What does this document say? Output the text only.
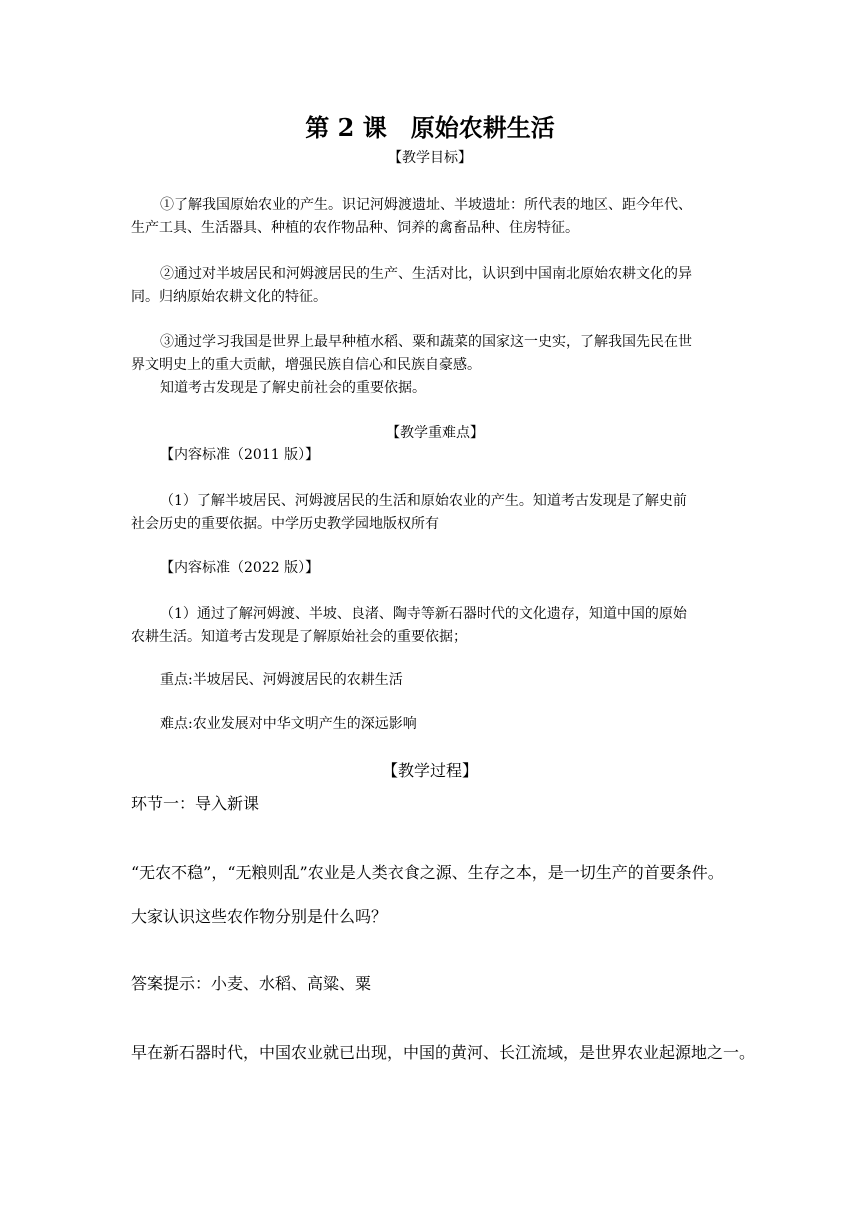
第 2 课　原始农耕生活

【教学目标】

①了解我国原始农业的产生。识记河姆渡遗址、半坡遗址：所代表的地区、距今年代、

生产工具、生活器具、种植的农作物品种、饲养的禽畜品种、住房特征。

②通过对半坡居民和河姆渡居民的生产、生活对比，认识到中国南北原始农耕文化的异

同。归纳原始农耕文化的特征。

③通过学习我国是世界上最早种植水稻、粟和蔬菜的国家这一史实，了解我国先民在世

界文明史上的重大贡献，增强民族自信心和民族自豪感。

知道考古发现是了解史前社会的重要依据。

【教学重难点】

【内容标准（2011 版）】

（1）了解半坡居民、河姆渡居民的生活和原始农业的产生。知道考古发现是了解史前

社会历史的重要依据。中学历史教学园地版权所有

【内容标准（2022 版）】

（1）通过了解河姆渡、半坡、良渚、陶寺等新石器时代的文化遗存，知道中国的原始

农耕生活。知道考古发现是了解原始社会的重要依据；

重点:半坡居民、河姆渡居民的农耕生活

难点:农业发展对中华文明产生的深远影响

【教学过程】

环节一：导入新课

“无农不稳”，“无粮则乱”农业是人类衣食之源、生存之本，是一切生产的首要条件。

大家认识这些农作物分别是什么吗？

答案提示：小麦、水稻、高粱、粟

早在新石器时代，中国农业就已出现，中国的黄河、长江流域，是世界农业起源地之一。
